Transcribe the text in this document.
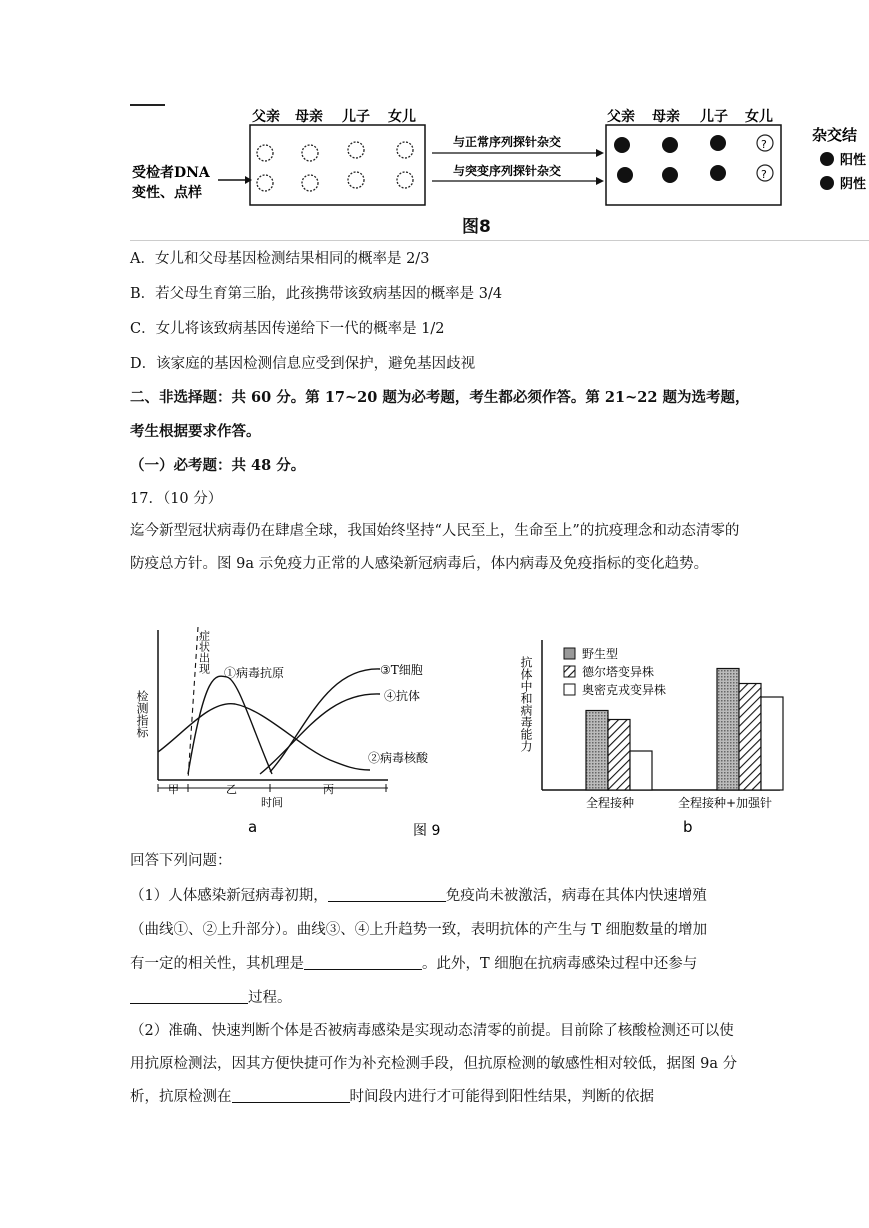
受检者DNA
变性、点样
父亲 母亲 儿子 女儿
与正常序列探针杂交
与突变序列探针杂交
父亲 母亲 儿子 女儿
?
?
杂交结
阳性
阴性
图8
A．女儿和父母基因检测结果相同的概率是 2/3
B．若父母生育第三胎，此孩携带该致病基因的概率是 3/4
C．女儿将该致病基因传递给下一代的概率是 1/2
D．该家庭的基因检测信息应受到保护，避免基因歧视
二、非选择题：共 60 分。第 17~20 题为必考题，考生都必须作答。第 21~22 题为选考题，
考生根据要求作答。
（一）必考题：共 48 分。
17．（10 分）
迄今新型冠状病毒仍在肆虐全球，我国始终坚持“人民至上，生命至上”的抗疫理念和动态清零的防疫总方针。图 9a 示免疫力正常的人感染新冠病毒后，体内病毒及免疫指标的变化趋势。
检测指标
症状出现 ①病毒抗原	③T细胞
④抗体
②病毒核酸
甲	乙	丙
时间
a
抗体中和病毒能力
野生型
德尔塔变异株
奥密克戎变异株
全程接种	全程接种+加强针
b
图 9
回答下列问题：
（1）人体感染新冠病毒初期，	免疫尚未被激活，病毒在其体内快速增殖
（曲线①、②上升部分）。曲线③、④上升趋势一致，表明抗体的产生与 T 细胞数量的增加
有一定的相关性，其机理是	。此外，T 细胞在抗病毒感染过程中还参与
过程。
（2）准确、快速判断个体是否被病毒感染是实现动态清零的前提。目前除了核酸检测还可以使用抗原检测法，因其方便快捷可作为补充检测手段，但抗原检测的敏感性相对较低，据图 9a 分析，抗原检测在	时间段内进行才可能得到阳性结果，判断的依据
